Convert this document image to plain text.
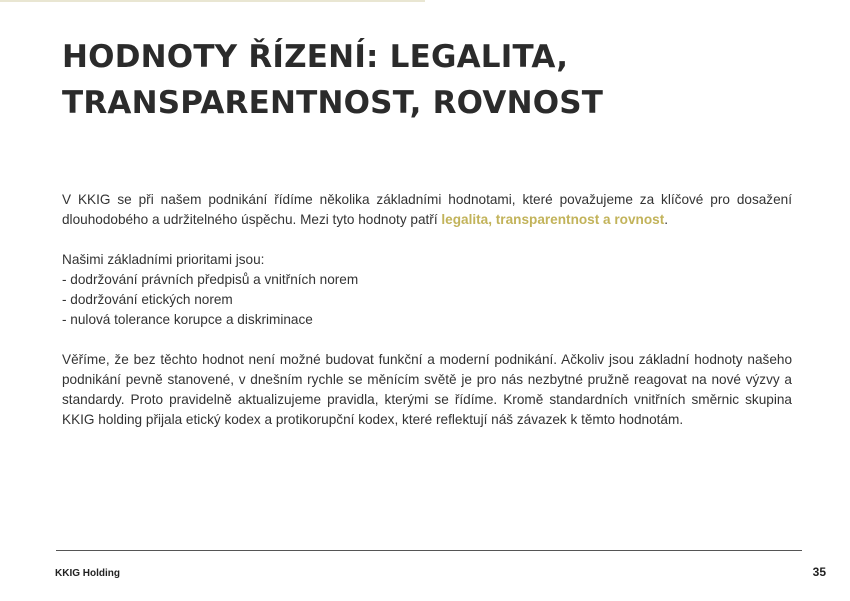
HODNOTY ŘÍZENÍ: LEGALITA, TRANSPARENTNOST, ROVNOST

V KKIG se při našem podnikání řídíme několika základními hodnotami, které považujeme za klíčové pro dosažení dlouhodobého a udržitelného úspěchu. Mezi tyto hodnoty patří legalita, transparentnost a rovnost.

Našimi základními prioritami jsou:

- dodržování právních předpisů a vnitřních norem

- dodržování etických norem

- nulová tolerance korupce a diskriminace

Věříme, že bez těchto hodnot není možné budovat funkční a moderní podnikání. Ačkoliv jsou základní hodnoty našeho podnikání pevně stanovené, v dnešním rychle se měnícím světě je pro nás nezbytné pružně reagovat na nové výzvy a standardy. Proto pravidelně aktualizujeme pravidla, kterými se řídíme. Kromě standardních vnitřních směrnic skupina KKIG holding přijala etický kodex a protikorupční kodex, které reflektují náš závazek k těmto hodnotám.

KKIG Holding	35
